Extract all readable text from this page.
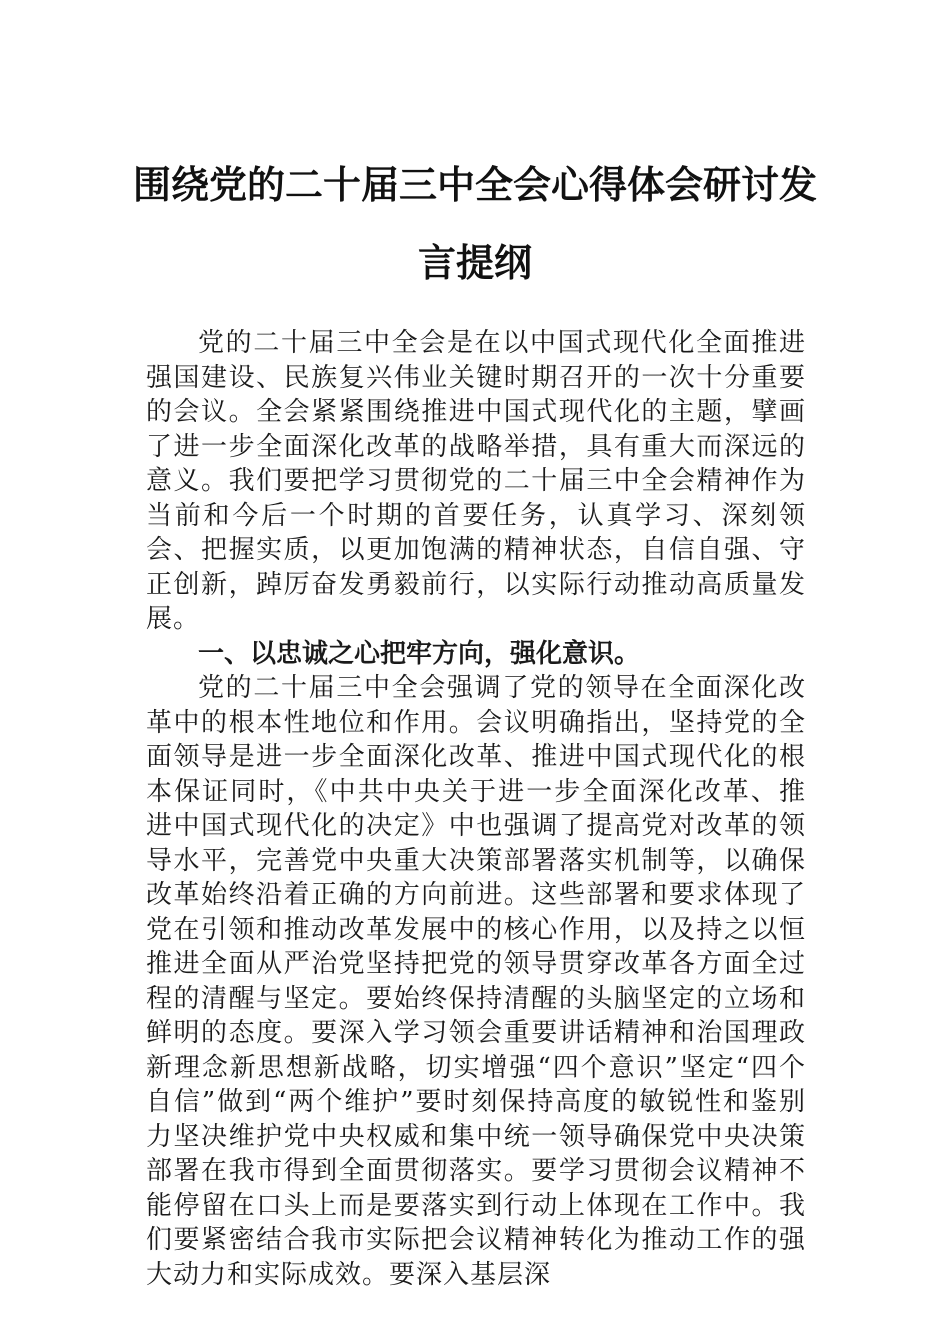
围绕党的二十届三中全会心得体会研讨发言提纲

党的二十届三中全会是在以中国式现代化全面推进强国建设、民族复兴伟业关键时期召开的一次十分重要的会议。全会紧紧围绕推进中国式现代化的主题，擘画了进一步全面深化改革的战略举措，具有重大而深远的意义。我们要把学习贯彻党的二十届三中全会精神作为当前和今后一个时期的首要任务，认真学习、深刻领会、把握实质，以更加饱满的精神状态，自信自强、守正创新，踔厉奋发勇毅前行，以实际行动推动高质量发展。

一、以忠诚之心把牢方向，强化意识。

党的二十届三中全会强调了党的领导在全面深化改革中的根本性地位和作用。会议明确指出，坚持党的全面领导是进一步全面深化改革、推进中国式现代化的根本保证同时，《中共中央关于进一步全面深化改革、推进中国式现代化的决定》中也强调了提高党对改革的领导水平，完善党中央重大决策部署落实机制等，以确保改革始终沿着正确的方向前进。这些部署和要求体现了党在引领和推动改革发展中的核心作用，以及持之以恒推进全面从严治党坚持把党的领导贯穿改革各方面全过程的清醒与坚定。要始终保持清醒的头脑坚定的立场和鲜明的态度。要深入学习领会重要讲话精神和治国理政新理念新思想新战略，切实增强“四个意识”坚定“四个自信”做到“两个维护”要时刻保持高度的敏锐性和鉴别力坚决维护党中央权威和集中统一领导确保党中央决策部署在我市得到全面贯彻落实。要学习贯彻会议精神不能停留在口头上而是要落实到行动上体现在工作中。我们要紧密结合我市实际把会议精神转化为推动工作的强大动力和实际成效。要深入基层深
